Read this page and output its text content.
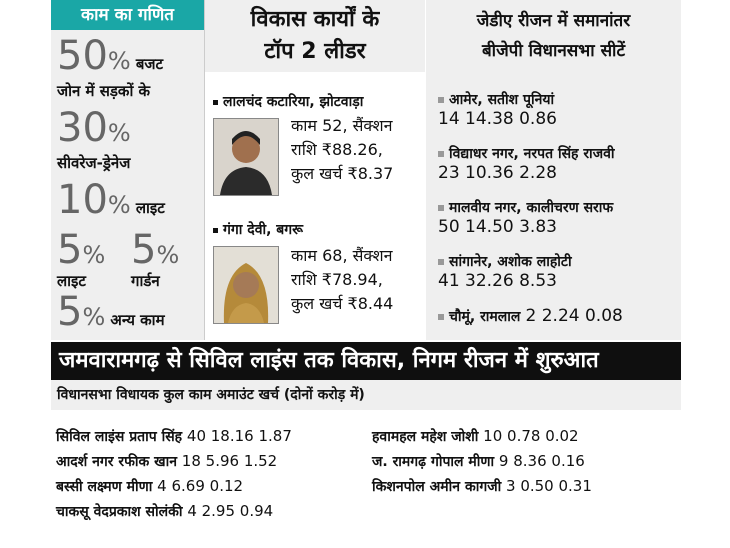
काम का गणित
50% बजट
जोन में सड़कों के
30%
सीवरेज-ड्रेनेज
10% लाइट
5%
लाइट
5%
गार्डन
5% अन्य काम
विकास कार्यों के
टॉप 2 लीडर
लालचंद कटारिया, झोटवाड़ा
काम 52, सैंक्शन
राशि ₹88.26,
कुल खर्च ₹8.37
गंगा देवी, बगरू
काम 68, सैंक्शन
राशि ₹78.94,
कुल खर्च ₹8.44
जेडीए रीजन में समानांतर
बीजेपी विधानसभा सीटें
आमेर, सतीश पूनियां
14 14.38 0.86
विद्याधर नगर, नरपत सिंह राजवी
23 10.36 2.28
मालवीय नगर, कालीचरण सराफ
50 14.50 3.83
सांगानेर, अशोक लाहोटी
41 32.26 8.53
चौमूं, रामलाल 2 2.24 0.08
जमवारामगढ़ से सिविल लाइंस तक विकास, निगम रीजन में शुरुआत
विधानसभा विधायक कुल काम अमाउंट खर्च (दोनों करोड़ में)
सिविल लाइंस प्रताप सिंह 40 18.16 1.87
आदर्श नगर रफीक खान 18 5.96 1.52
बस्सी लक्ष्मण मीणा 4 6.69 0.12
चाकसू वेदप्रकाश सोलंकी 4 2.95 0.94
हवामहल महेश जोशी 10 0.78 0.02
ज. रामगढ़ गोपाल मीणा 9 8.36 0.16
किशनपोल अमीन कागजी 3 0.50 0.31
